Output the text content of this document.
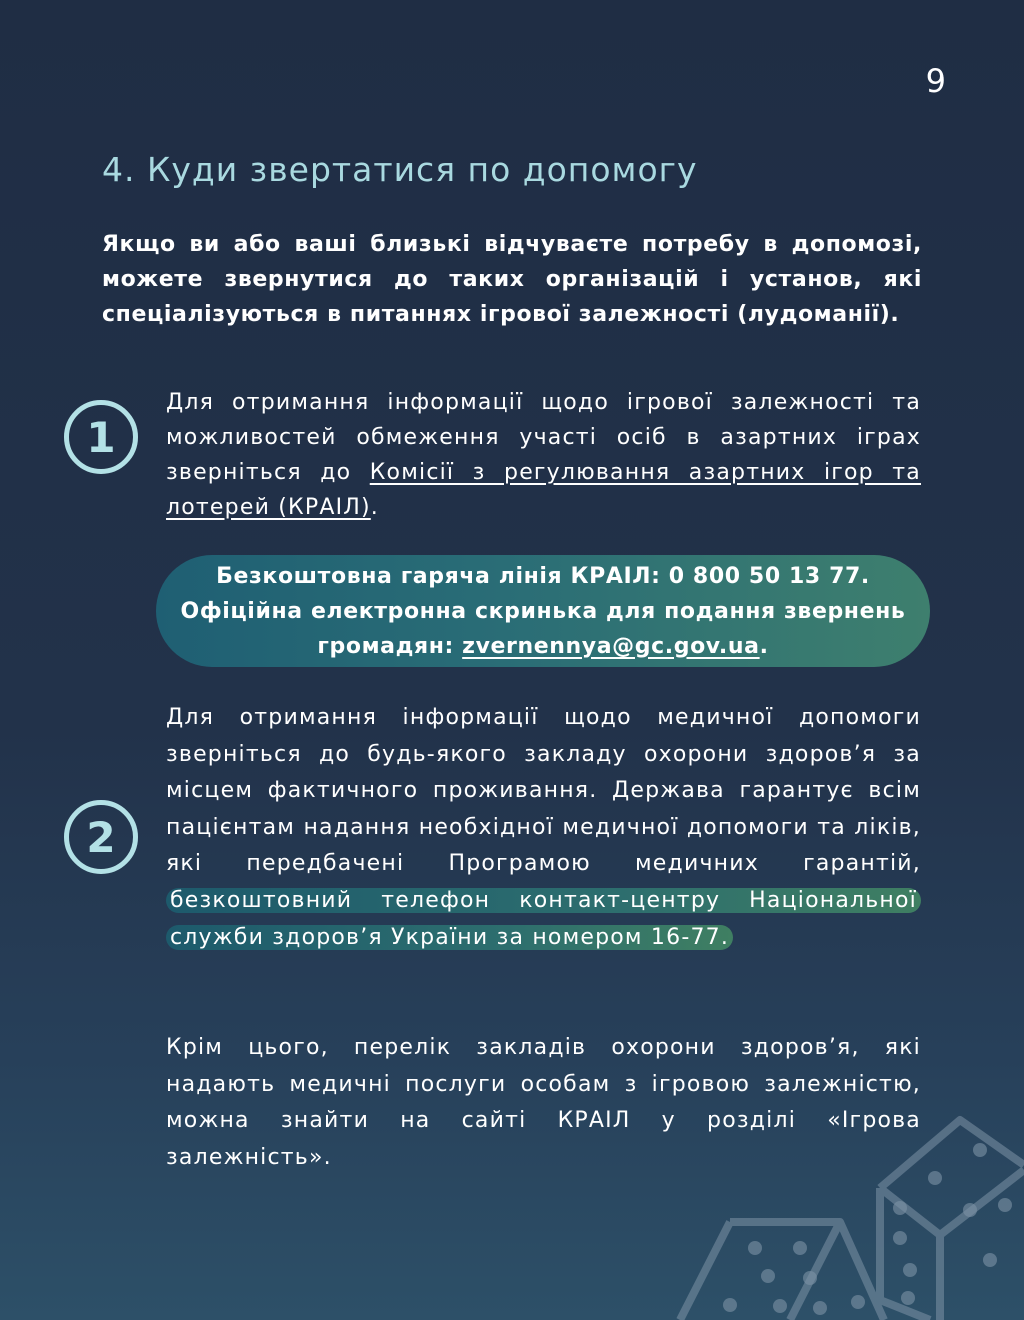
9
4. Куди звертатися по допомогу

Якщо ви або ваші близькі відчуваєте потребу в допомозі, можете звернутися до таких організацій і установ, які спеціалізуються в питаннях ігрової залежності (лудоманії).

1

Для отримання інформації щодо ігрової залежності та можливостей обмеження участі осіб в азартних іграх зверніться до Комісії з регулювання азартних ігор та лотерей (КРАІЛ).

Безкоштовна гаряча лінія КРАІЛ: 0 800 50 13 77.
Офіційна електронна скринька для подання звернень
громадян: zvernennya@gc.gov.ua.
2

Для отримання інформації щодо медичної допомоги зверніться до будь-якого закладу охорони здоров’я за місцем фактичного проживання. Держава гарантує всім пацієнтам надання необхідної медичної допомоги та ліків, які передбачені Програмою медичних гарантій, безкоштовний телефон контакт-центру Національної служби здоров’я України за номером 16-77.

Крім цього, перелік закладів охорони здоров’я, які надають медичні послуги особам з ігровою залежністю, можна знайти на сайті КРАІЛ у розділі «Ігрова залежність».
